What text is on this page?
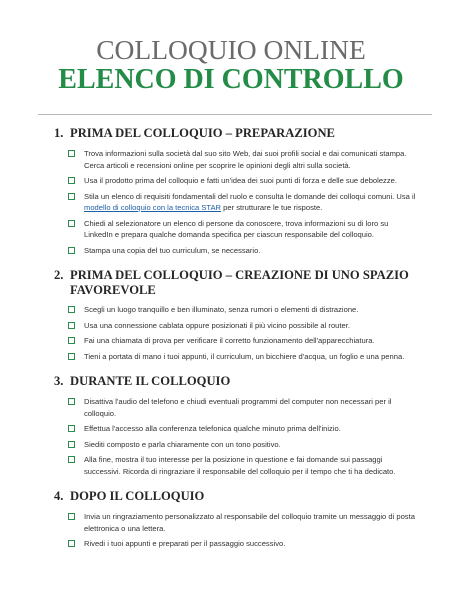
COLLOQUIO ONLINE
ELENCO DI CONTROLLO
1. PRIMA DEL COLLOQUIO – PREPARAZIONE
Trova informazioni sulla società dal suo sito Web, dai suoi profili social e dai comunicati stampa. Cerca articoli e recensioni online per scoprire le opinioni degli altri sulla società.
Usa il prodotto prima del colloquio e fatti un'idea dei suoi punti di forza e delle sue debolezze.
Stila un elenco di requisiti fondamentali del ruolo e consulta le domande dei colloqui comuni. Usa il modello di colloquio con la tecnica STAR per strutturare le tue risposte.
Chiedi al selezionatore un elenco di persone da conoscere, trova informazioni su di loro su LinkedIn e prepara qualche domanda specifica per ciascun responsabile del colloquio.
Stampa una copia del tuo curriculum, se necessario.
2. PRIMA DEL COLLOQUIO – CREAZIONE DI UNO SPAZIO FAVOREVOLE
Scegli un luogo tranquillo e ben illuminato, senza rumori o elementi di distrazione.
Usa una connessione cablata oppure posizionati il più vicino possibile al router.
Fai una chiamata di prova per verificare il corretto funzionamento dell'apparecchiatura.
Tieni a portata di mano i tuoi appunti, il curriculum, un bicchiere d'acqua, un foglio e una penna.
3. DURANTE IL COLLOQUIO
Disattiva l'audio del telefono e chiudi eventuali programmi del computer non necessari per il colloquio.
Effettua l'accesso alla conferenza telefonica qualche minuto prima dell'inizio.
Siediti composto e parla chiaramente con un tono positivo.
Alla fine, mostra il tuo interesse per la posizione in questione e fai domande sui passaggi successivi. Ricorda di ringraziare il responsabile del colloquio per il tempo che ti ha dedicato.
4. DOPO IL COLLOQUIO
Invia un ringraziamento personalizzato al responsabile del colloquio tramite un messaggio di posta elettronica o una lettera.
Rivedi i tuoi appunti e preparati per il passaggio successivo.
